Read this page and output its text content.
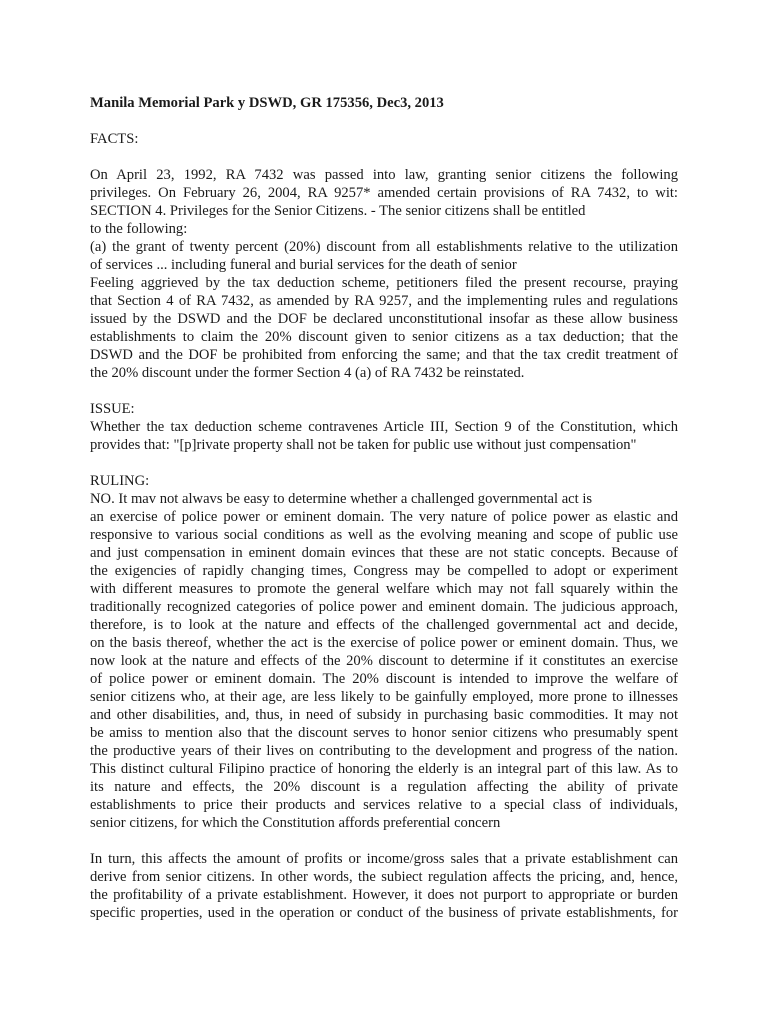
Manila Memorial Park y DSWD, GR 175356, Dec3, 2013
FACTS:
On April 23, 1992, RA 7432 was passed into law, granting senior citizens the following
privileges. On February 26, 2004, RA 9257* amended certain provisions of RA 7432, to wit:
SECTION 4. Privileges for the Senior Citizens. - The senior citizens shall be entitled
to the following:
(a) the grant of twenty percent (20%) discount from all establishments relative to the utilization
of services ... including funeral and burial services for the death of senior
Feeling aggrieved by the tax deduction scheme, petitioners filed the present recourse, praying
that Section 4 of RA 7432, as amended by RA 9257, and the implementing rules and regulations
issued by the DSWD and the DOF be declared unconstitutional insofar as these allow business
establishments to claim the 20% discount given to senior citizens as a tax deduction; that the
DSWD and the DOF be prohibited from enforcing the same; and that the tax credit treatment of
the 20% discount under the former Section 4 (a) of RA 7432 be reinstated.
ISSUE:
Whether the tax deduction scheme contravenes Article III, Section 9 of the Constitution, which
provides that: "[p]rivate property shall not be taken for public use without just compensation"
RULING:
NO. It mav not alwavs be easy to determine whether a challenged governmental act is
an exercise of police power or eminent domain. The very nature of police power as elastic and
responsive to various social conditions as well as the evolving meaning and scope of public use
and just compensation in eminent domain evinces that these are not static concepts. Because of
the exigencies of rapidly changing times, Congress may be compelled to adopt or experiment
with different measures to promote the general welfare which may not fall squarely within the
traditionally recognized categories of police power and eminent domain. The judicious approach,
therefore, is to look at the nature and effects of the challenged governmental act and decide,
on the basis thereof, whether the act is the exercise of police power or eminent domain. Thus, we
now look at the nature and effects of the 20% discount to determine if it constitutes an exercise
of police power or eminent domain. The 20% discount is intended to improve the welfare of
senior citizens who, at their age, are less likely to be gainfully employed, more prone to illnesses
and other disabilities, and, thus, in need of subsidy in purchasing basic commodities. It may not
be amiss to mention also that the discount serves to honor senior citizens who presumably spent
the productive years of their lives on contributing to the development and progress of the nation.
This distinct cultural Filipino practice of honoring the elderly is an integral part of this law. As to
its nature and effects, the 20% discount is a regulation affecting the ability of private
establishments to price their products and services relative to a special class of individuals,
senior citizens, for which the Constitution affords preferential concern
In turn, this affects the amount of profits or income/gross sales that a private establishment can
derive from senior citizens. In other words, the subiect regulation affects the pricing, and, hence,
the profitability of a private establishment. However, it does not purport to appropriate or burden
specific properties, used in the operation or conduct of the business of private establishments, for
